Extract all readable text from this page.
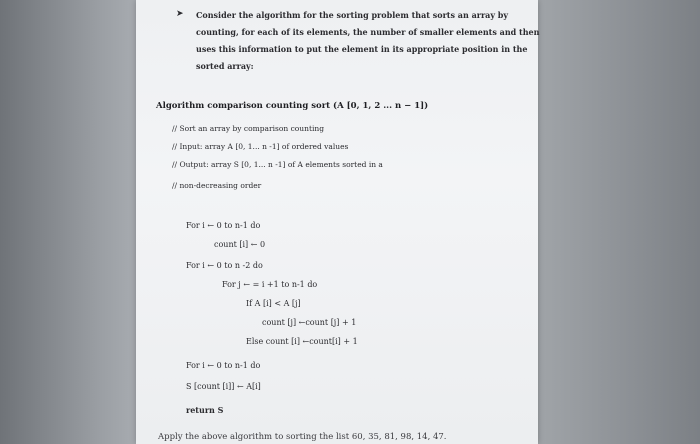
➤ Consider the algorithm for the sorting problem that sorts an array by
counting, for each of its elements, the number of smaller elements and then
uses this information to put the element in its appropriate position in the
sorted array:
Algorithm comparison counting sort (A [0, 1, 2 ... n − 1])
// Sort an array by comparison counting
// Input: array A [0, 1... n -1] of ordered values
// Output: array S [0, 1... n -1] of A elements sorted in a
// non-decreasing order
For i ← 0 to n-1 do
count [i] ← 0
For i ← 0 to n -2 do
For j ← = i +1 to n-1 do
If A [i] < A [j]
count [j] ←count [j] + 1
Else count [i] ←count[i] + 1
For i ← 0 to n-1 do
S [count [i]] ← A[i]
return S
Apply the above algorithm to sorting the list 60, 35, 81, 98, 14, 47.
